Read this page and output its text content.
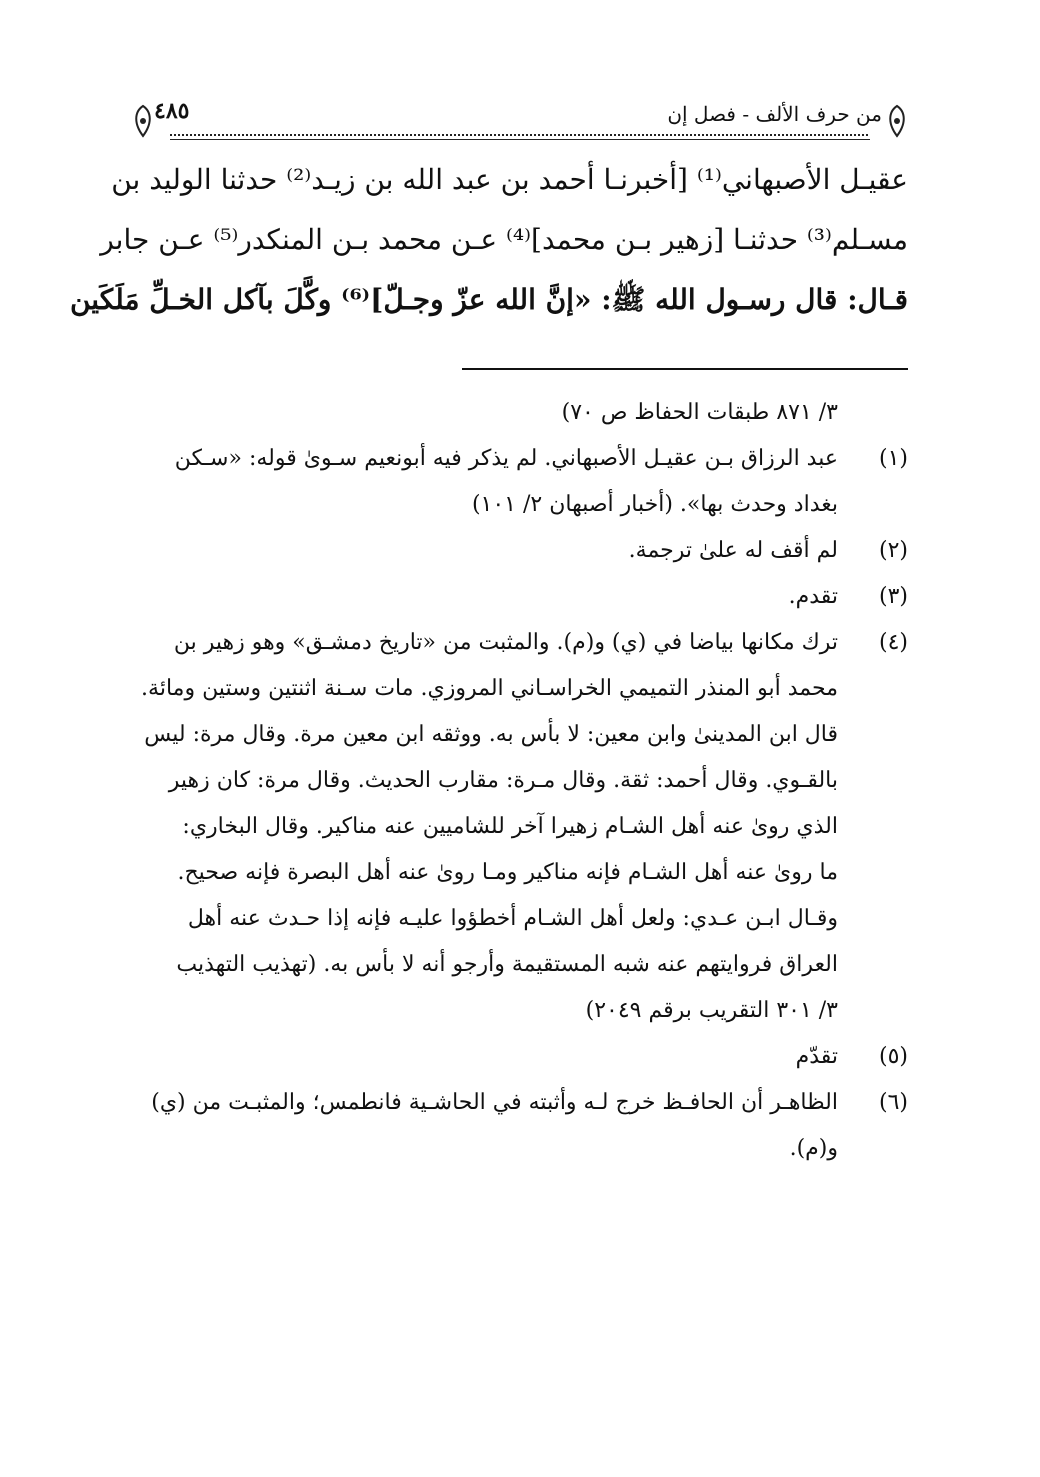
٤٨٥	من حرف الألف - فصل إن
عقيـل الأصبهاني⁽¹⁾ [أخبرنـا أحمد بن عبد الله بن زيـد⁽²⁾ حدثنا الوليد بن
مسـلم⁽³⁾ حدثنـا [زهير بـن محمد]⁽⁴⁾ عـن محمد بـن المنكدر⁽⁵⁾ عـن جابر
قـال: قال رسـول الله ﷺ: «إنَّ الله عزّ وجـلّ]⁽⁶⁾ وكَّلَ بآكل الخـلِّ مَلَكَين
٣/ ٨٧١ طبقات الحفاظ ص ٧٠)
(١)
عبد الرزاق بـن عقيـل الأصبهاني. لم يذكر فيه أبونعيم سـوىٰ قوله: «سـكن
بغداد وحدث بها». (أخبار أصبهان ٢/ ١٠١)
(٢)
لم أقف له علىٰ ترجمة.
(٣)
تقدم.
(٤)
ترك مكانها بياضا في (ي) و(م). والمثبت من «تاريخ دمشـق» وهو زهير بن
محمد أبو المنذر التميمي الخراسـاني المروزي. مات سـنة اثنتين وستين ومائة.
قال ابن المدينىٰ وابن معين: لا بأس به. ووثقه ابن معين مرة. وقال مرة: ليس
بالقـوي. وقال أحمد: ثقة. وقال مـرة: مقارب الحديث. وقال مرة: كان زهير
الذي روىٰ عنه أهل الشـام زهيرا آخر للشاميين عنه مناكير. وقال البخاري:
ما روىٰ عنه أهل الشـام فإنه مناكير ومـا روىٰ عنه أهل البصرة فإنه صحيح.
وقـال ابـن عـدي: ولعل أهل الشـام أخطؤوا عليـه فإنه إذا حـدث عنه أهل
العراق فروايتهم عنه شبه المستقيمة وأرجو أنه لا بأس به. (تهذيب التهذيب
٣/ ٣٠١ التقريب برقم ٢٠٤٩)
(٥)
تقدّم
(٦)
الظاهـر أن الحافـظ خرج لـه وأثبته في الحاشـية فانطمس؛ والمثبـت من (ي)
و(م).
